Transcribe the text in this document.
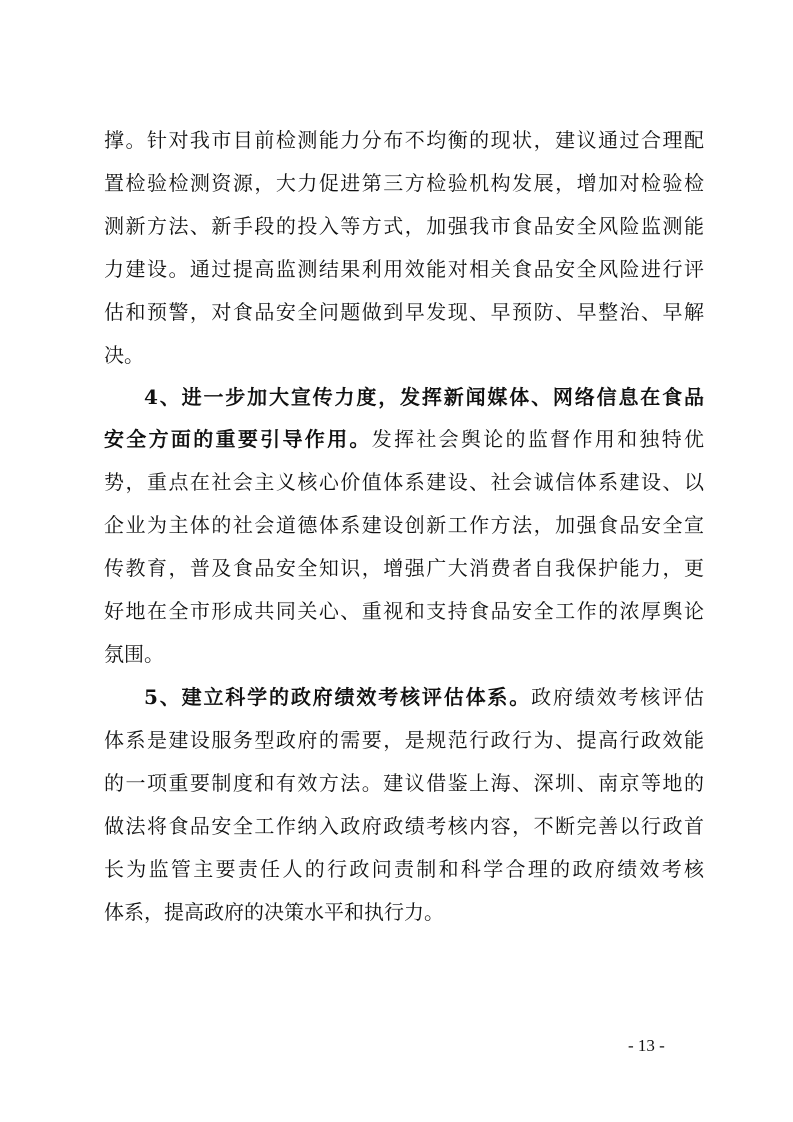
撑。针对我市目前检测能力分布不均衡的现状，建议通过合理配
置检验检测资源，大力促进第三方检验机构发展，增加对检验检
测新方法、新手段的投入等方式，加强我市食品安全风险监测能
力建设。通过提高监测结果利用效能对相关食品安全风险进行评
估和预警，对食品安全问题做到早发现、早预防、早整治、早解
决。
4、进一步加大宣传力度，发挥新闻媒体、网络信息在食品
安全方面的重要引导作用。发挥社会舆论的监督作用和独特优
势，重点在社会主义核心价值体系建设、社会诚信体系建设、以
企业为主体的社会道德体系建设创新工作方法，加强食品安全宣
传教育，普及食品安全知识，增强广大消费者自我保护能力，更
好地在全市形成共同关心、重视和支持食品安全工作的浓厚舆论
氛围。
5、建立科学的政府绩效考核评估体系。政府绩效考核评估
体系是建设服务型政府的需要，是规范行政行为、提高行政效能
的一项重要制度和有效方法。建议借鉴上海、深圳、南京等地的
做法将食品安全工作纳入政府政绩考核内容，不断完善以行政首
长为监管主要责任人的行政问责制和科学合理的政府绩效考核
体系，提高政府的决策水平和执行力。
- 13 -
